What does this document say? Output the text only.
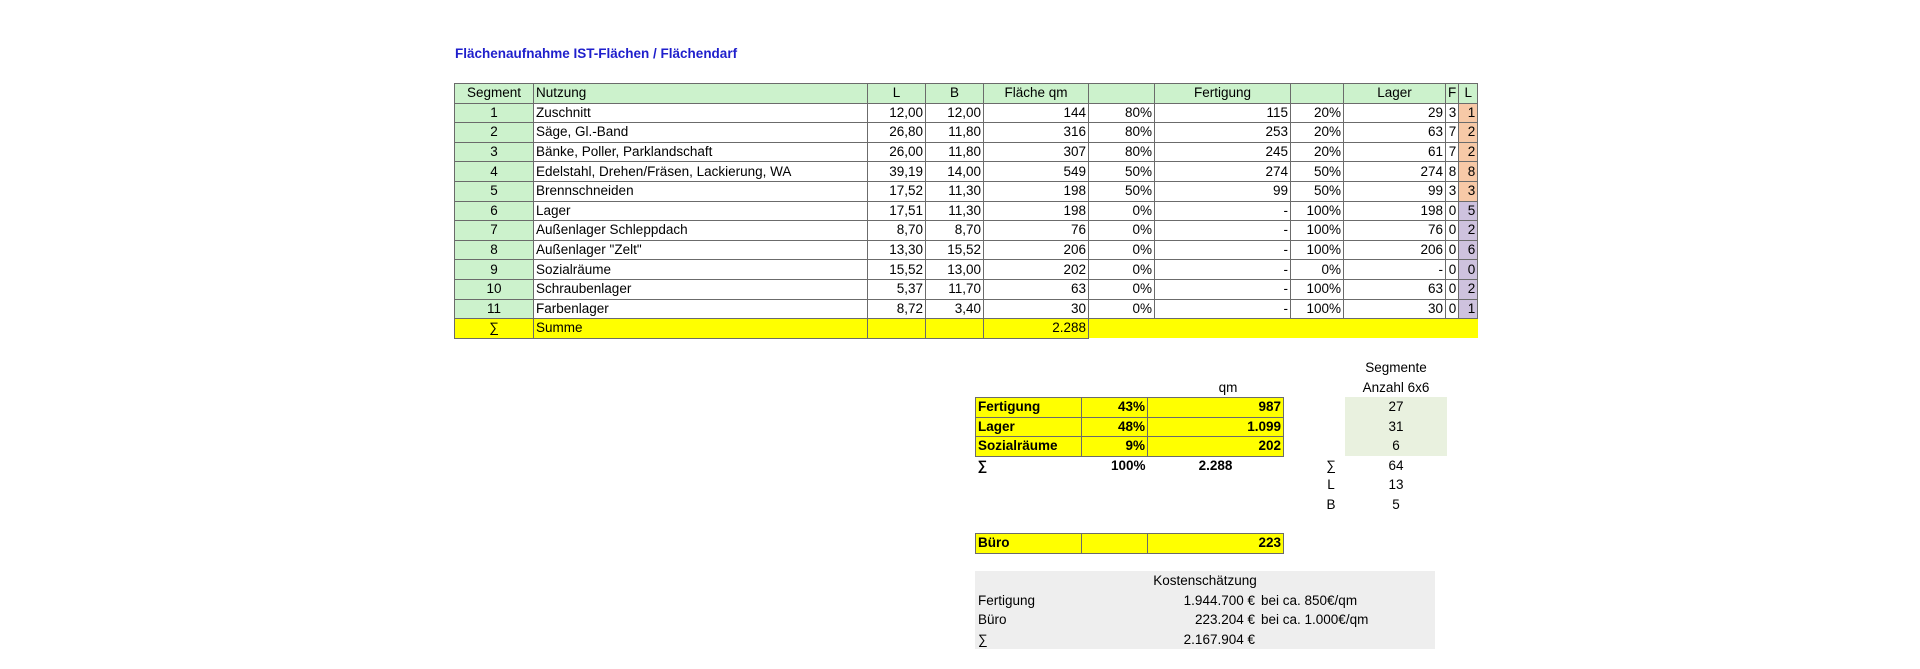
Flächenaufnahme IST-Flächen / Flächendarf
Segment	Nutzung	L	B	Fläche qm		Fertigung		Lager	F	L
1	Zuschnitt	12,00	12,00	144	80%	115	20%	29	3	1
2	Säge, Gl.-Band	26,80	11,80	316	80%	253	20%	63	7	2
3	Bänke, Poller, Parklandschaft	26,00	11,80	307	80%	245	20%	61	7	2
4	Edelstahl, Drehen/Fräsen, Lackierung, WA	39,19	14,00	549	50%	274	50%	274	8	8
5	Brennschneiden	17,52	11,30	198	50%	99	50%	99	3	3
6	Lager	17,51	11,30	198	0%	-	100%	198	0	5
7	Außenlager Schleppdach	8,70	8,70	76	0%	-	100%	76	0	2
8	Außenlager "Zelt"	13,30	15,52	206	0%	-	100%	206	0	6
9	Sozialräume	15,52	13,00	202	0%	-	0%	-	0	0
10	Schraubenlager	5,37	11,70	63	0%	-	100%	63	0	2
11	Farbenlager	8,72	3,40	30	0%	-	100%	30	0	1
∑	Summe			2.288						
qm
Fertigung	43%	987
Lager	48%	1.099
Sozialräume	9%	202
∑	100%	2.288
	Segmente
	Anzahl 6x6
	27
	31
	6
∑	64
L	13
B	5
Büro		223
Kostenschätzung
Fertigung	1.944.700 € bei ca. 850€/qm
Büro	223.204 € bei ca. 1.000€/qm
∑	2.167.904 €
